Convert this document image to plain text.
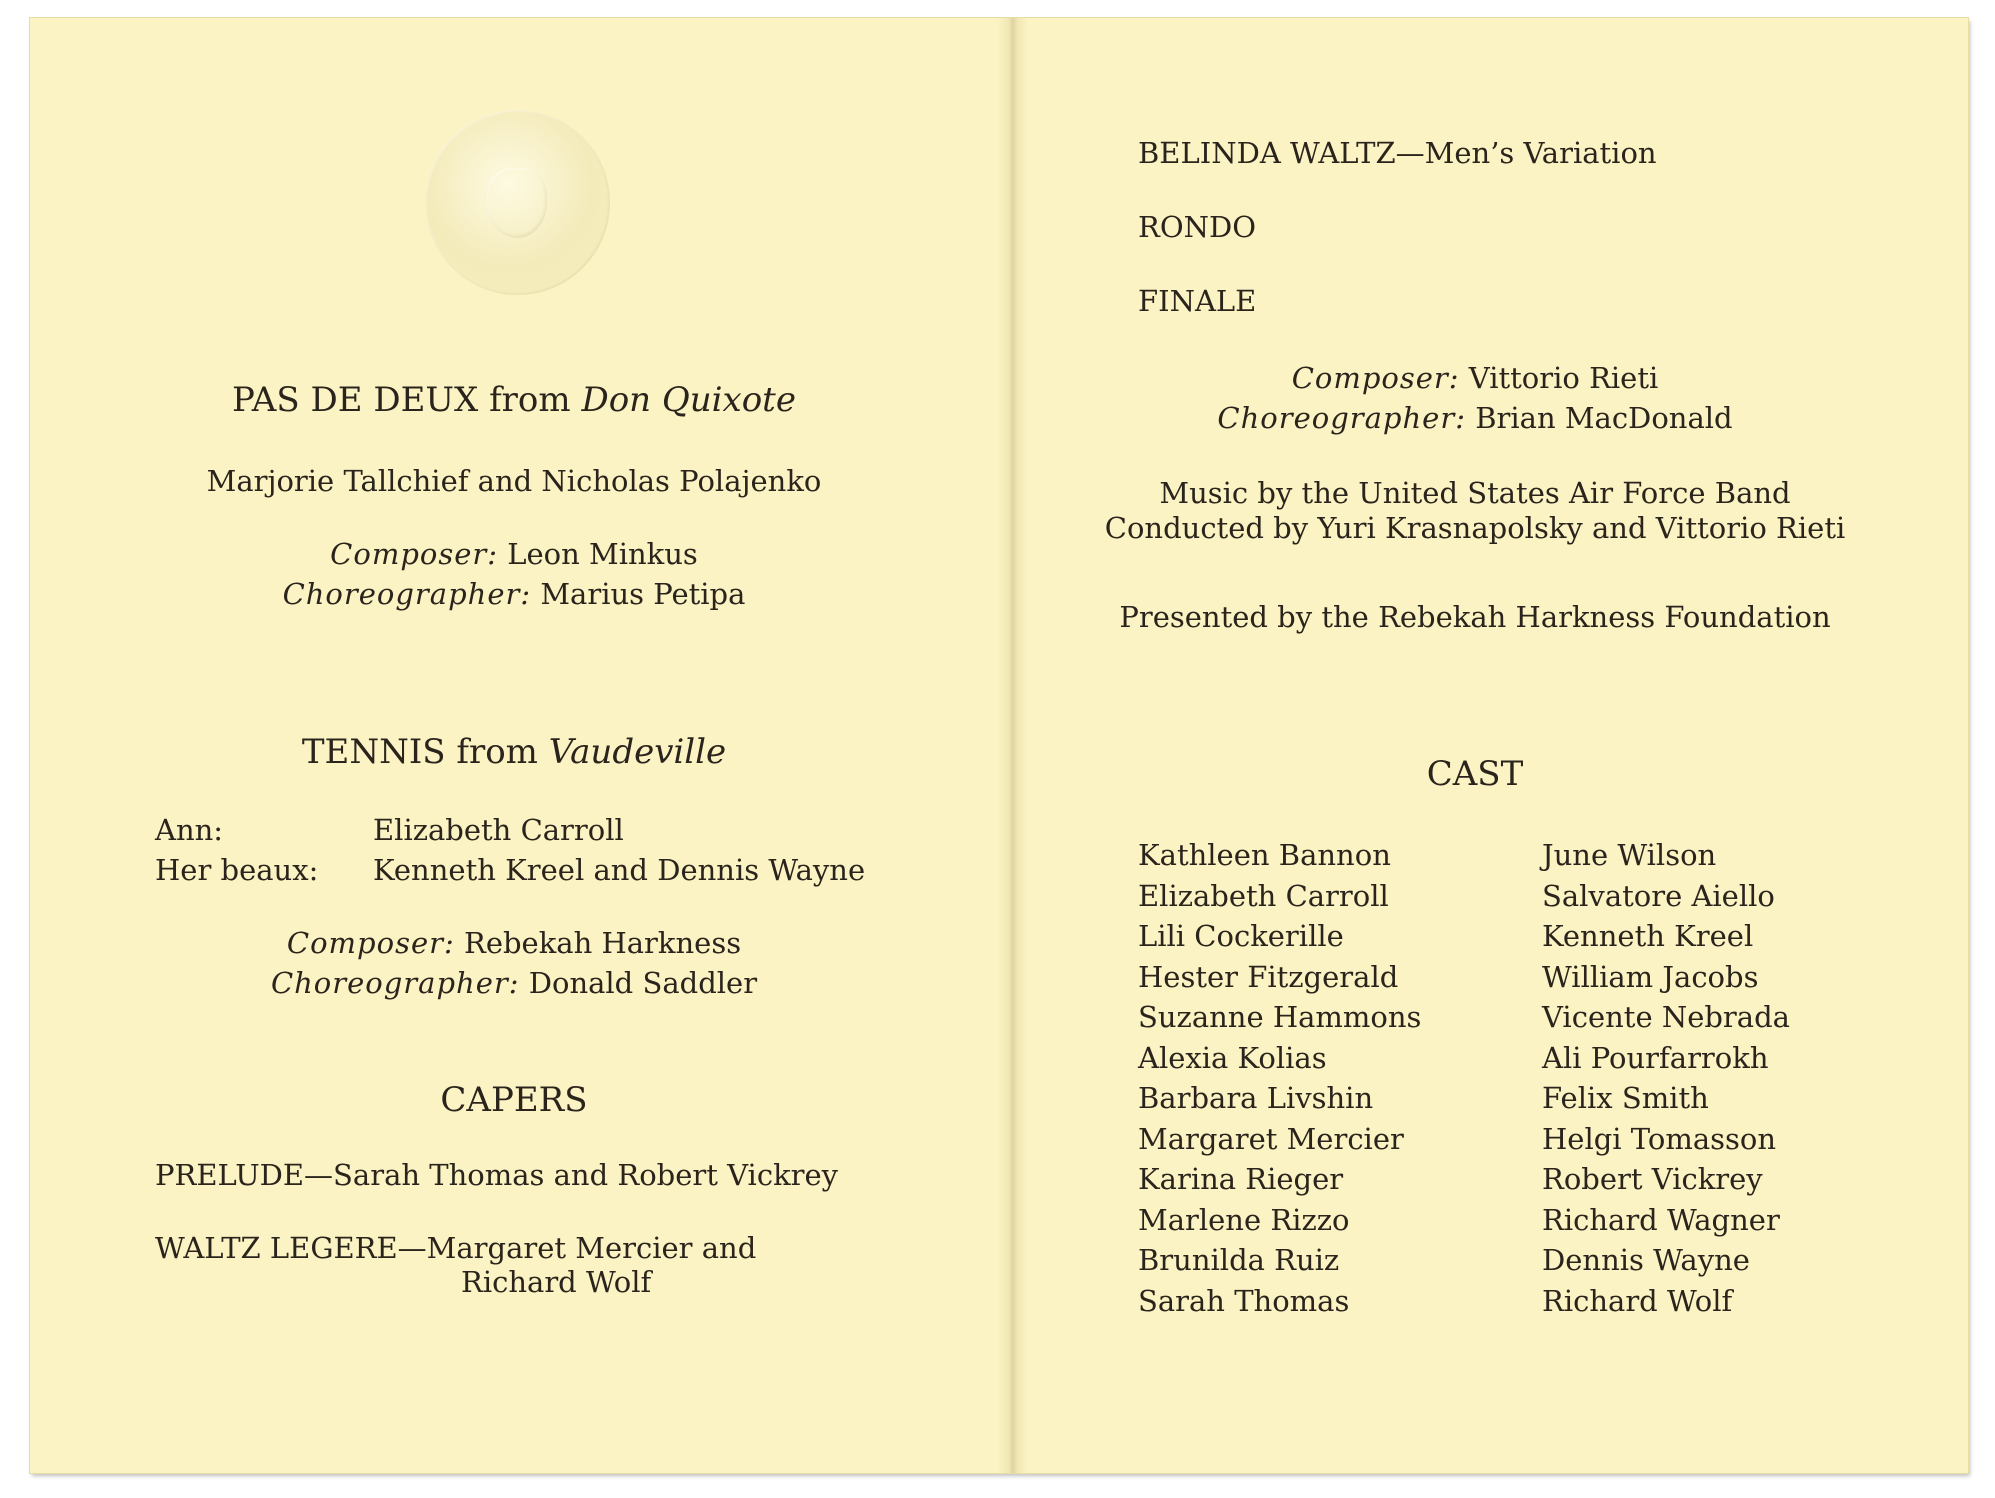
PAS DE DEUX from Don Quixote
Marjorie Tallchief and Nicholas Polajenko
Composer: Leon Minkus
Choreographer: Marius Petipa
TENNIS from Vaudeville
Ann:	Elizabeth Carroll
Her beaux: Kenneth Kreel and Dennis Wayne
Composer: Rebekah Harkness
Choreographer: Donald Saddler
CAPERS
PRELUDE—Sarah Thomas and Robert Vickrey
WALTZ LEGERE—Margaret Mercier and
Richard Wolf
BELINDA WALTZ—Men’s Variation
RONDO
FINALE
Composer: Vittorio Rieti
Choreographer: Brian MacDonald
Music by the United States Air Force Band
Conducted by Yuri Krasnapolsky and Vittorio Rieti
Presented by the Rebekah Harkness Foundation
CAST
Kathleen Bannon
Elizabeth Carroll
Lili Cockerille
Hester Fitzgerald
Suzanne Hammons
Alexia Kolias
Barbara Livshin
Margaret Mercier
Karina Rieger
Marlene Rizzo
Brunilda Ruiz
Sarah Thomas
June Wilson
Salvatore Aiello
Kenneth Kreel
William Jacobs
Vicente Nebrada
Ali Pourfarrokh
Felix Smith
Helgi Tomasson
Robert Vickrey
Richard Wagner
Dennis Wayne
Richard Wolf
